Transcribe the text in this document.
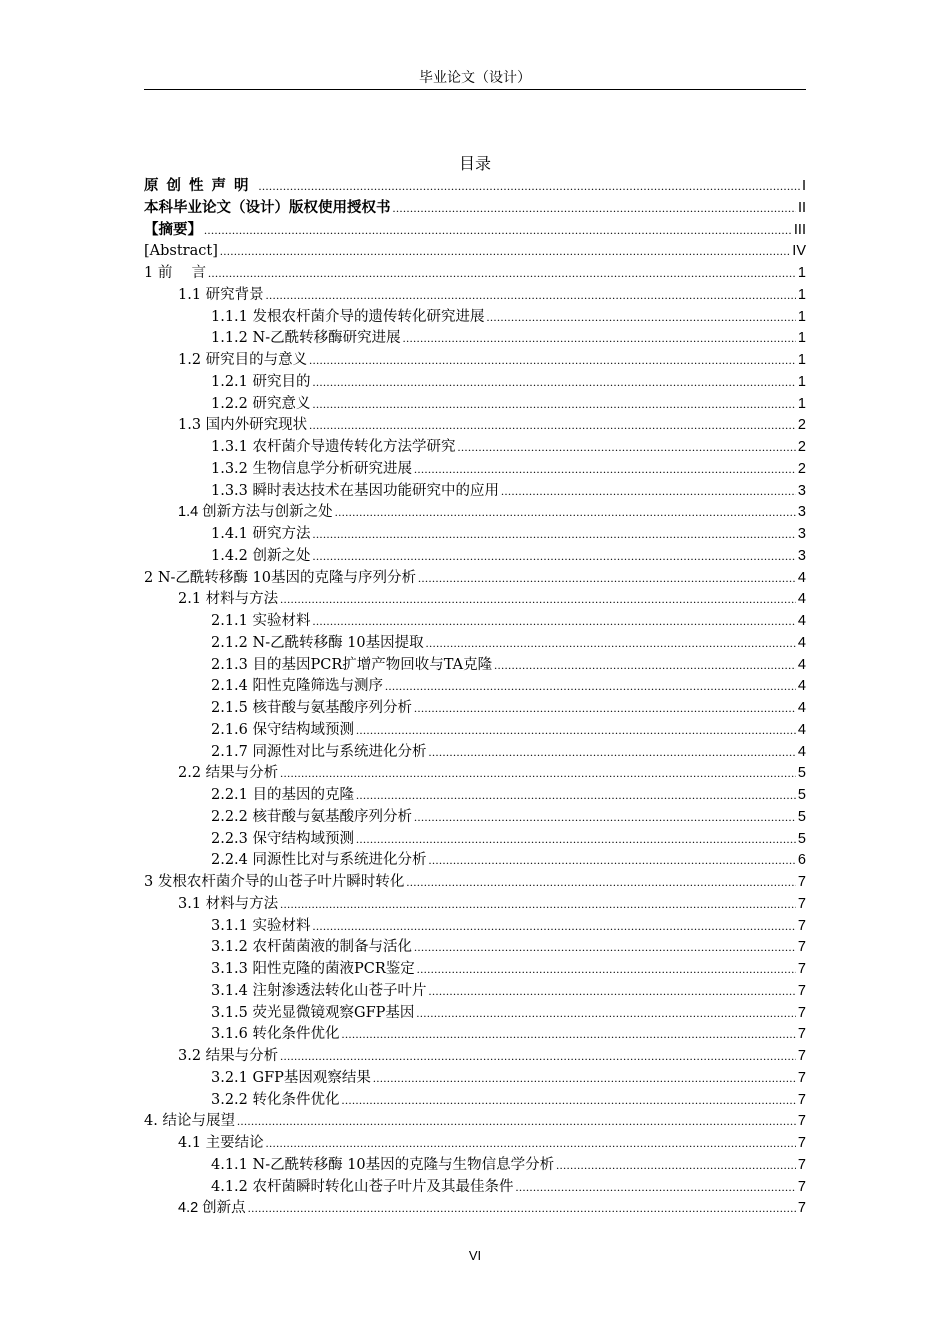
毕业论文（设计）
目录
原创性声明 .....	I
本科毕业论文（设计）版权使用授权书 .....	II
【摘要】 .....	III
[Abstract] .....	IV
1 前　 言 .....	1
1.1 研究背景 .....	1
1.1.1 发根农杆菌介导的遗传转化研究进展 .....	1
1.1.2 N-乙酰转移酶研究进展 .....	1
1.2 研究目的与意义 .....	1
1.2.1 研究目的 .....	1
1.2.2 研究意义 .....	1
1.3 国内外研究现状 .....	2
1.3.1 农杆菌介导遗传转化方法学研究 .....	2
1.3.2 生物信息学分析研究进展 .....	2
1.3.3 瞬时表达技术在基因功能研究中的应用 .....	3
1.4 创新方法与创新之处 .....	3
1.4.1 研究方法 .....	3
1.4.2 创新之处 .....	3
2 N-乙酰转移酶 10基因的克隆与序列分析 .....	4
2.1 材料与方法 .....	4
2.1.1 实验材料 .....	4
2.1.2 N-乙酰转移酶 10基因提取 .....	4
2.1.3 目的基因PCR扩增产物回收与TA克隆 .....	4
2.1.4 阳性克隆筛选与测序 .....	4
2.1.5 核苷酸与氨基酸序列分析 .....	4
2.1.6 保守结构域预测 .....	4
2.1.7 同源性对比与系统进化分析 .....	4
2.2 结果与分析 .....	5
2.2.1 目的基因的克隆 .....	5
2.2.2 核苷酸与氨基酸序列分析 .....	5
2.2.3 保守结构域预测 .....	5
2.2.4 同源性比对与系统进化分析 .....	6
3 发根农杆菌介导的山苍子叶片瞬时转化 .....	7
3.1 材料与方法 .....	7
3.1.1 实验材料 .....	7
3.1.2 农杆菌菌液的制备与活化 .....	7
3.1.3 阳性克隆的菌液PCR鉴定 .....	7
3.1.4 注射渗透法转化山苍子叶片 .....	7
3.1.5 荧光显微镜观察GFP基因 .....	7
3.1.6 转化条件优化 .....	7
3.2 结果与分析 .....	7
3.2.1 GFP基因观察结果 .....	7
3.2.2 转化条件优化 .....	7
4. 结论与展望 .....	7
4.1 主要结论 .....	7
4.1.1 N-乙酰转移酶 10基因的克隆与生物信息学分析 .....	7
4.1.2 农杆菌瞬时转化山苍子叶片及其最佳条件 .....	7
4.2 创新点 .....	7
VI
